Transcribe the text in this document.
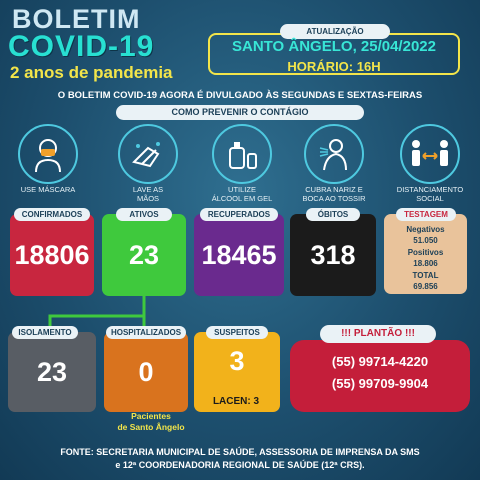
BOLETIM
COVID-19
2 anos de pandemia
ATUALIZAÇÃO
SANTO ÂNGELO, 25/04/2022
HORÁRIO: 16H
O BOLETIM COVID-19 AGORA É DIVULGADO ÀS SEGUNDAS E SEXTAS-FEIRAS
COMO PREVENIR O CONTÁGIO
USE MÁSCARA	LAVE AS
MÃOS
UTILIZE
ÁLCOOL EM GEL
CUBRA NARIZ E
BOCA AO TOSSIR
DISTANCIAMENTO
SOCIAL
18806
CONFIRMADOS
23
ATIVOS
18465
RECUPERADOS
318
ÓBITOS	TESTAGEM
Negativos
51.050
Positivos
18.806
TOTAL
69.856
23
ISOLAMENTO
0
HOSPITALIZADOS
3
SUSPEITOS
LACEN: 3
Pacientes
de Santo Ângelo
!!! PLANTÃO !!!
(55) 99714-4220
(55) 99709-9904
FONTE: SECRETARIA MUNICIPAL DE SAÚDE, ASSESSORIA DE IMPRENSA DA SMS
e 12ª COORDENADORIA REGIONAL DE SAÚDE (12ª CRS).
